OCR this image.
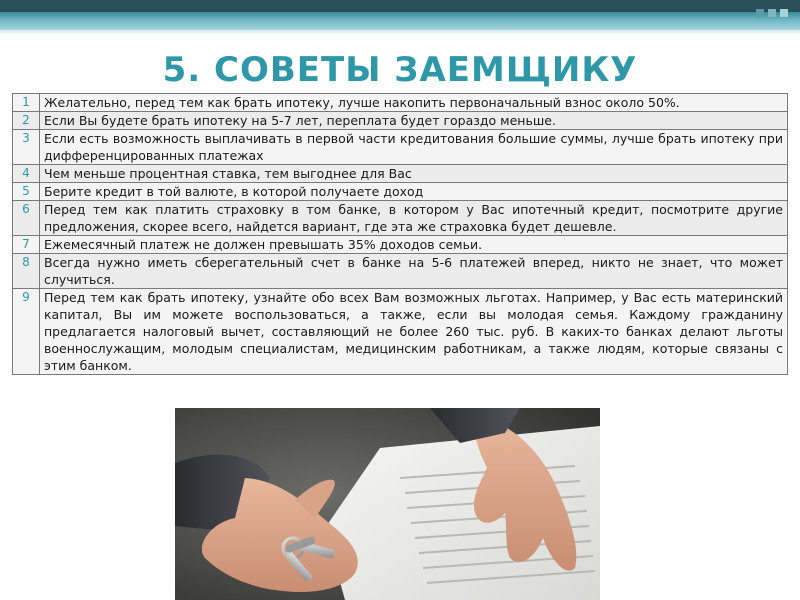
5. СОВЕТЫ ЗАЕМЩИКУ
1	Желательно, перед тем как брать ипотеку, лучше накопить первоначальный взнос около 50%.
2	Если Вы будете брать ипотеку на 5-7 лет, переплата будет гораздо меньше.
3	Если есть возможность выплачивать в первой части кредитования большие суммы, лучше брать ипотеку при дифференцированных платежах
4	Чем меньше процентная ставка, тем выгоднее для Вас
5	Берите кредит в той валюте, в которой получаете доход
6	Перед тем как платить страховку в том банке, в котором у Вас ипотечный кредит, посмотрите другие предложения, скорее всего, найдется вариант, где эта же страховка будет дешевле.
7	Ежемесячный платеж не должен превышать 35% доходов семьи.
8	Всегда нужно иметь сберегательный счет в банке на 5-6 платежей вперед, никто не знает, что может случиться.
9	Перед тем как брать ипотеку, узнайте обо всех Вам возможных льготах. Например, у Вас есть материнский капитал, Вы им можете воспользоваться, а также, если вы молодая семья. Каждому гражданину предлагается налоговый вычет, составляющий не более 260 тыс. руб. В каких-то банках делают льготы военнослужащим, молодым специалистам, медицинским работникам, а также людям, которые связаны с этим банком.
